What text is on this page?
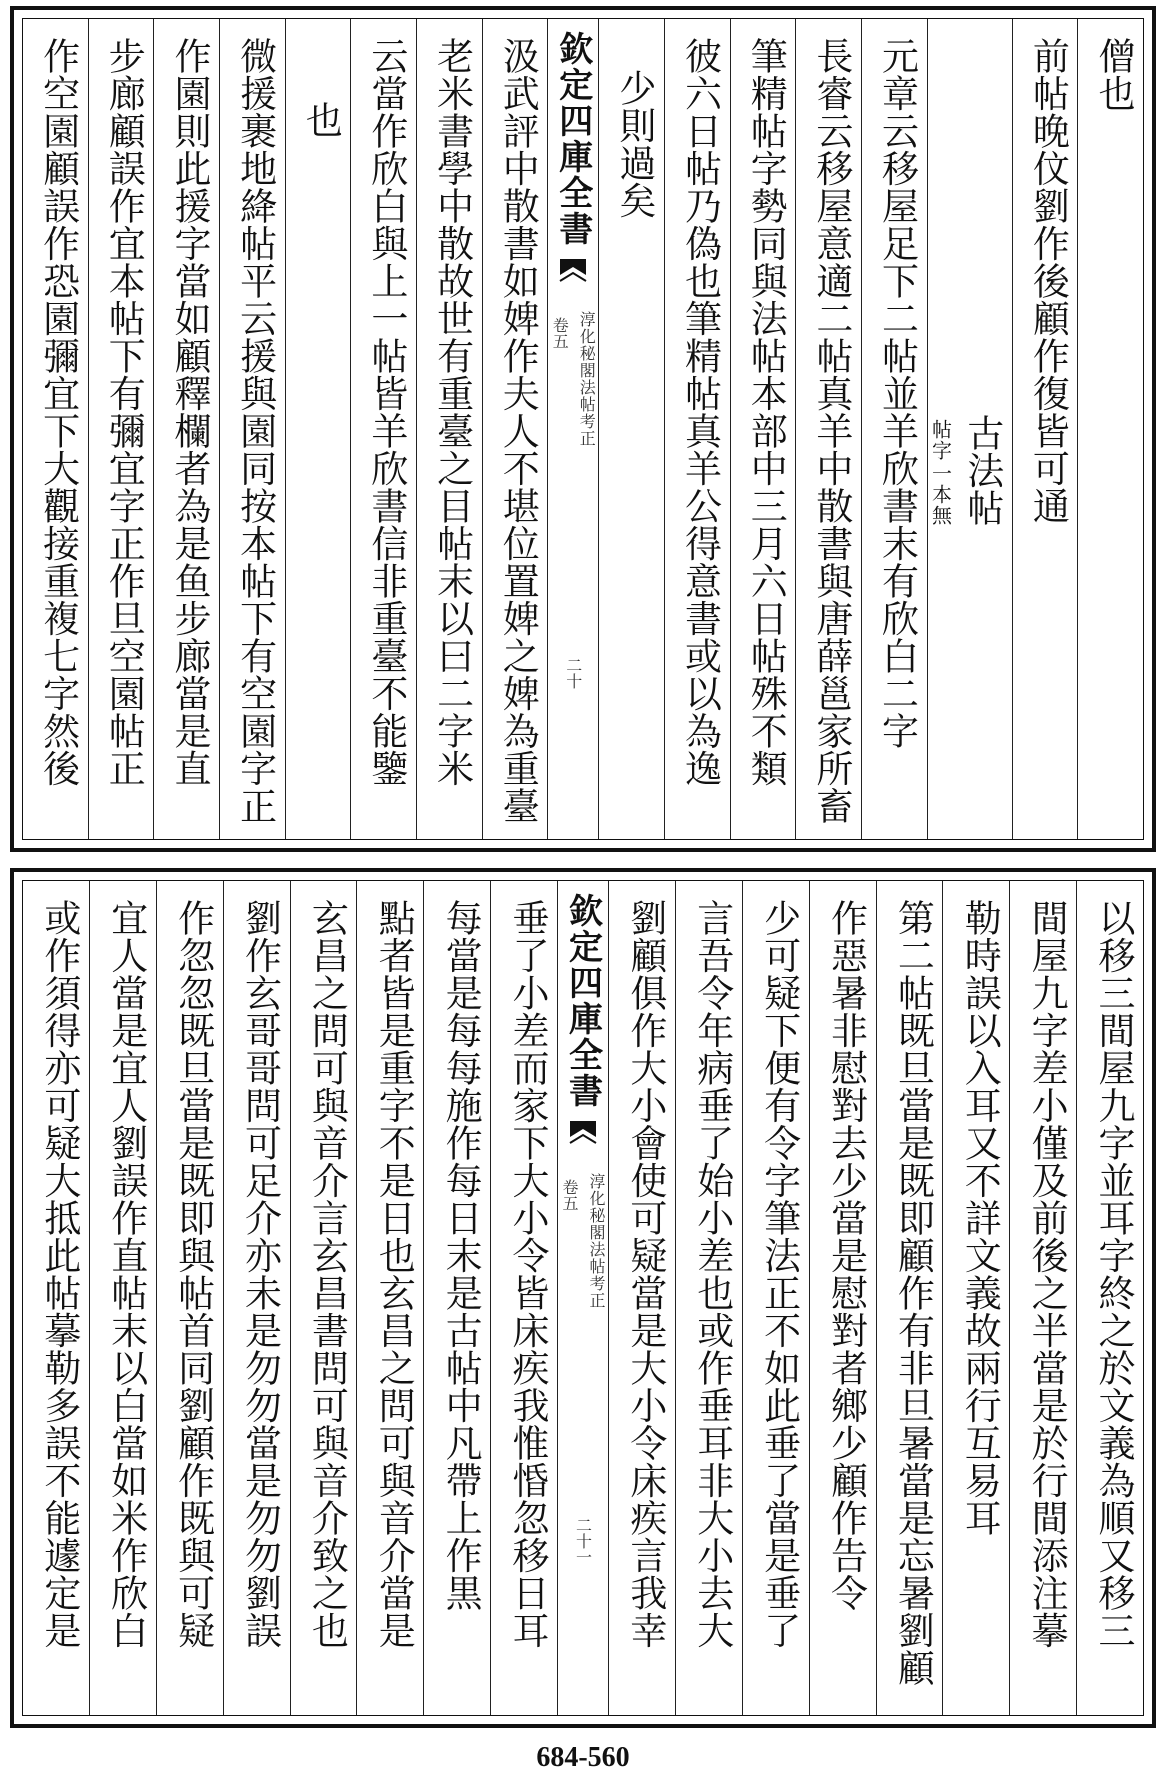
僧也
前帖晚伩劉作後顧作復皆可通
古法帖
一本無
帖字
元章云移屋足下二帖並羊欣書末有欣白二字
長睿云移屋意適二帖真羊中散書與唐薛邕家所畜
筆精帖字勢同與法帖本部中三月六日帖殊不類
彼六日帖乃偽也筆精帖真羊公得意書或以為逸
少則過矣
欽定四庫全書
淳化秘閣法帖考正
卷五
二十
汲武評中散書如婢作夫人不堪位置婢之婢為重臺
老米書學中散故世有重臺之目帖末以曰二字米
云當作欣白與上一帖皆羊欣書信非重臺不能鑒
也
微援裹地絳帖平云援與園同按本帖下有空園字正
作園則此援字當如顧釋欄者為是鱼步廊當是直
步廊顧誤作宜本帖下有彌宜字正作旦空園帖正
作空園顧誤作恐園彌宜下大觀接重複七字然後
以移三間屋九字並耳字終之於文義為順又移三
間屋九字差小僅及前後之半當是於行間添注摹
勒時誤以入耳又不詳文義故兩行互易耳
第二帖既旦當是既即顧作有非旦暑當是忘暑劉顧
作惡暑非慰對去少當是慰對者鄉少顧作告令
少可疑下便有令字筆法正不如此垂了當是垂了
言吾令年病垂了始小差也或作垂耳非大小去大
劉顧俱作大小會使可疑當是大小令床疾言我幸
欽定四庫全書
淳化秘閣法帖考正
卷五
二十一
垂了小差而家下大小令皆床疾我惟惛忽移日耳
每當是每每施作每日末是古帖中凡帶上作黒
點者皆是重字不是日也玄昌之問可與音介當是
玄昌之問可與音介言玄昌書問可與音介致之也
劉作玄哥哥問可足介亦未是勿勿當是勿勿劉誤
作忽忽既旦當是既即與帖首同劉顧作既與可疑
宜人當是宜人劉誤作直帖末以白當如米作欣白
或作須得亦可疑大抵此帖摹勒多誤不能遽定是
684-560
